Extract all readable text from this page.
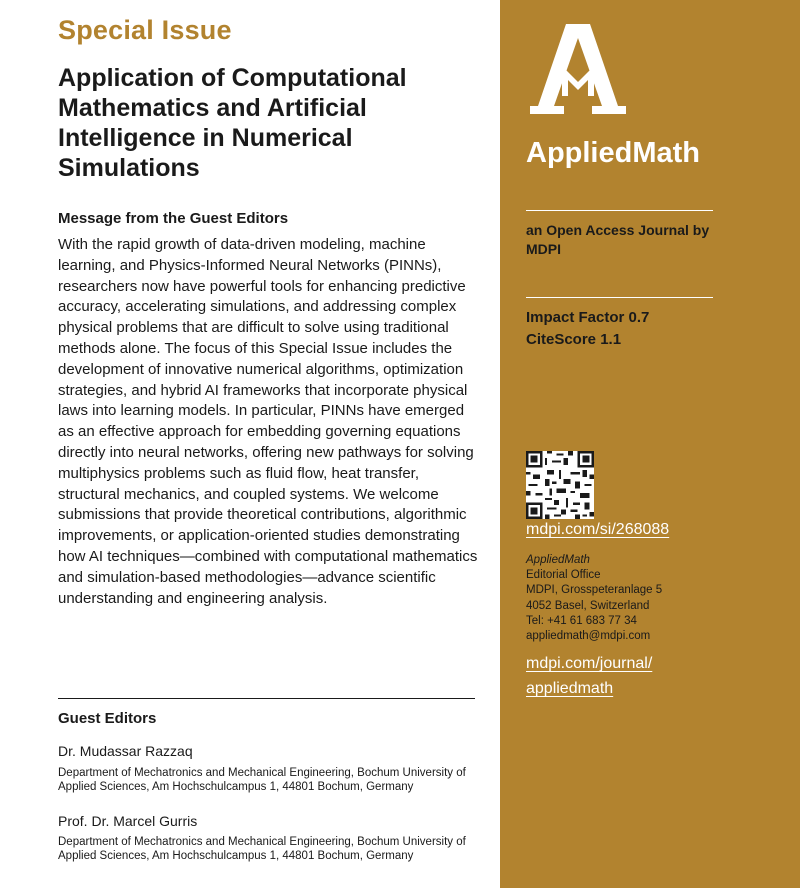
Special Issue
Application of Computational Mathematics and Artificial Intelligence in Numerical Simulations
Message from the Guest Editors

With the rapid growth of data-driven modeling, machine learning, and Physics-Informed Neural Networks (PINNs), researchers now have powerful tools for enhancing predictive accuracy, accelerating simulations, and addressing complex physical problems that are difficult to solve using traditional methods alone. The focus of this Special Issue includes the development of innovative numerical algorithms, optimization strategies, and hybrid AI frameworks that incorporate physical laws into learning models. In particular, PINNs have emerged as an effective approach for embedding governing equations directly into neural networks, offering new pathways for solving multiphysics problems such as fluid flow, heat transfer, structural mechanics, and coupled systems. We welcome submissions that provide theoretical contributions, algorithmic improvements, or application-oriented studies demonstrating how AI techniques—combined with computational mathematics and simulation-based methodologies—advance scientific understanding and engineering analysis.

Guest Editors
Dr. Mudassar Razzaq
Department of Mechatronics and Mechanical Engineering, Bochum University of Applied Sciences, Am Hochschulcampus 1, 44801 Bochum, Germany
Prof. Dr. Marcel Gurris
Department of Mechatronics and Mechanical Engineering, Bochum University of Applied Sciences, Am Hochschulcampus 1, 44801 Bochum, Germany
AppliedMath
an Open Access Journal by MDPI
Impact Factor 0.7
CiteScore 1.1
mdpi.com/si/268088
AppliedMath
Editorial Office
MDPI, Grosspeteranlage 5
4052 Basel, Switzerland
Tel: +41 61 683 77 34
appliedmath@mdpi.com
mdpi.com/journal/
appliedmath
